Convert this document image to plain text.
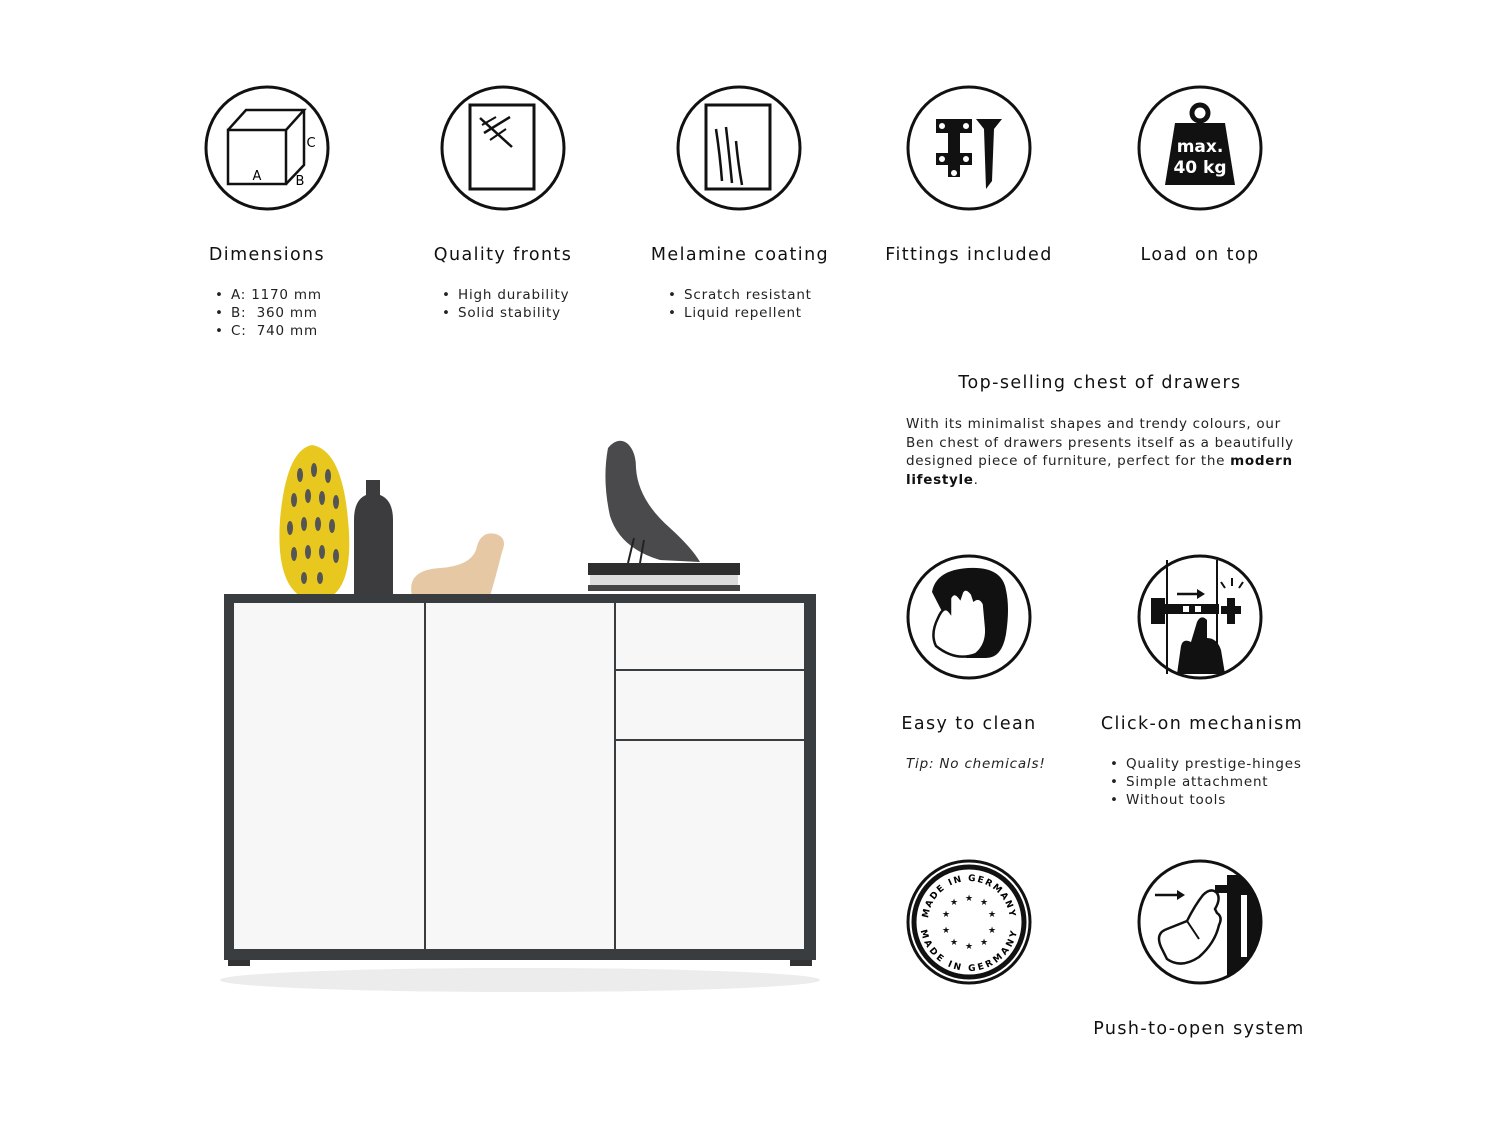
A	B
C	max.
40 kg
Dimensions	Quality fronts	Melamine coating	Fittings included	Load on top
• A: 1170 mm
• B:  360 mm
• C:  740 mm
• High durability
• Solid stability
• Scratch resistant
• Liquid repellent
Top-selling chest of drawers
With its minimalist shapes and trendy colours, our Ben chest of drawers presents itself as a beautifully designed piece of furniture, perfect for the modern lifestyle.
MADE IN GERMANY
MADE IN GERMANY
★ ★
★
★
★
★
★
★
★
★
Easy to clean	Click-on mechanism
Push-to-open system
Tip: No chemicals!
•	Quality prestige-hinges
• Simple attachment
• Without tools
